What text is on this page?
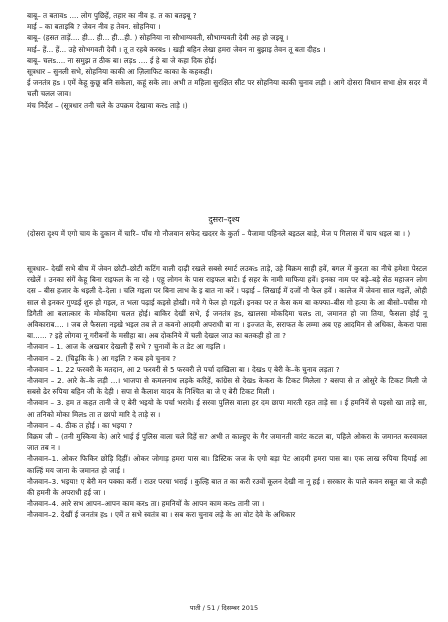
बाबू– त बतावs .... लोग पुछिहें, तहार का नीव ह. त का बतइबू ?

माई – का बताइबि ? जेवन नीव ह तेवन. सोहनिया ।

बाबू– (हसत ताड़ें.... ही... ही... ही...ही. ) सोहनिया ना सौभाग्यवती, सौभाग्यवती देवी अह हो जइबू ।

माई– हें... हें... उहे सोभगवती देवी । तू त रहबे करबs । खड़ी बहिन लेखा हमरा जेवन ना बुझाइ तेवन तू बता दीहs ।

बाबू– चलs.... ना समुझ त ठीक बा। लड़s .... ई हे बा जे कहा दिक होई।

सूत्रधार – सुनली सभे, सोहनिया काकी आ ज़िलाफिट काका के कहकही।

ई जनतंत्र हs । एमें केहू कुछू बनि सकेला, कहूं सके ला। अभी त महिला सुरक्षित सीट पर सोहनिया काकी चुनाव लड़ी । आगे दोसरा विधान सभा क्षेत्र सदर में चली चलल जाव।

मंच निर्देश – (सूत्रधार तनी चले के उपक्रम देखावा करs ताड़े ।)

दुसरा–दृश्य

(दोसरा दृश्य में एगो चाय के दुकान में चारि– पाँच गो नौजवान सफेद खदरर के कुर्ता – पैजामा पहिनले बइठल बाड़े, मेज प गिलास में चाय धइल बा । )

सूत्रधार– देखीं सभे बीच में जेवन छोटी–छोटी कटिंग वाली दाढ़ी रखले सबसे स्मार्ट लउकs ताड़े, उहे विक्रम साही हवें, बगल में कुरता का नीचे हमेशा पेस्टल रखेलें । उनका संगें केहू बिना राइफल के ना रहे । एहू लोगन के पास राइफल बाटे। ई सहर के नामी माफिया हवें। इनका नाम पर बड़े–बड़े सेठ महाजन लोग दस – बीस हजार के थइली दे–देला । चलि गइला पर बिना लाभ के इ बात ना करें । पढ़ाई – लिखाई में दजों नौ फेल हवें । कालेज में जेवना साल गइलें, ओही साल से इनकर गुण्डई शुरु हो गइल, त भला पढ़ाई कइसे होखी। गवे गे फेल हो गइलें। इनका पर त केस कम बा कफ्फा–बीस गो हत्या के आ बीसो–पचीस गो डिगैती आ बलात्कार के मोकदिमा चलत होई। बाकिर देखीं सभे, ई जनतंत्र हs, खालसा मोकदिमा चलs ता, जमानत हो जा तिया, फैसला होई नू अविकाराब.... । जब ले फैसला नइखे भइल तब ले त कवनो आदमी अपराधी बा ना । इज्जत के, सराफत के लम्मा अब एह आदमिन से अधिका, केकरा पास बा...... ? इहे लोगवा नू गरीबनों के मसीहा बा। अब दोकनिये में चली देखल जाउ का बतकही हो ता ?

नौजवान – 1. आज के अखबार देखली हैं सभे ? चुनावों के त डेट आ गइलि ।

नौजवान – 2. (चिढ़ुकि के ) आ गइलि ? कब हवे चुनाव ?

नौजवान – 1. 22 फरवरी के मतदान, आ 2 फरवरी से 5 फरवरी ले पर्चा दाखिला बा । देखs ए बेरी के–के चुनाव लड़ता ?

नौजवान – 2. आरे के–के लड़ी ...। भाजपा से कमलनाथ लड़के करिहें, कांग्रेस से देखs केकरा के टिकट मिलेला ? बसपा से त ओसुरे के टिकट मिली जे सबसे ढेर रुपिया बहिन जी के देही । सपा से कैलाश यादव के निश्चित बा जे ए बेरी टिकट मिली ।

नौजवान – 3. हम त कहत तानी जे ए बेरी भइयो के पर्चा भरावे। ई सरवा पुलिस वाला हर दम छापा मारती रहत ताड़े सा । ई हमनियें से पइसो खा ताड़े सा, आ तनिको मोका मिलs ता त छापो मारि दे ताड़े स ।

नौजवान – 4. ठीक त होई । का भइया ?

विक्रम जी – (तनी मुस्किया के) आरे भाई ई पुलिस वाला चले दिहें स? अभी त काल्हुए के गैर जमानती वारंट कटल बा, पहिले ओकरा के जमानत करवावल जात तब न ।

नौजवान–1. ओकर फिकिर छोड़ि दिहीं। ओकर जोगाड़ हमरा पास बा। डिस्टिक जज के एगो बड़ा पेट आदमी हमरा पास बा। एक लाख रुपिया दियाई आ काल्हिं मय जाना के जमानत हो जाई ।

नौजवान–3. भइया! ए बेरी मन पक्का करीं । राउर परचा भराई । कुल्हि बात त का करी रउवों कूलन देखी ना नू हई । सरकार के पाले कवन सबूत बा जे कही की हमनी के अपराधी हई जा ।

नौजवान–4. आरे सभ आपन–आपन काम करs ता। हमनियों के आपन काम करs तानी जा ।

नौजवान–2. देखीं ई जनतंत्र हs । एमें त सभे स्वतंत्र बा । सब करा चुनाव लड़े के आ वोट देवे के अधिकार

पाती / 51 / दिसम्बर 2015
